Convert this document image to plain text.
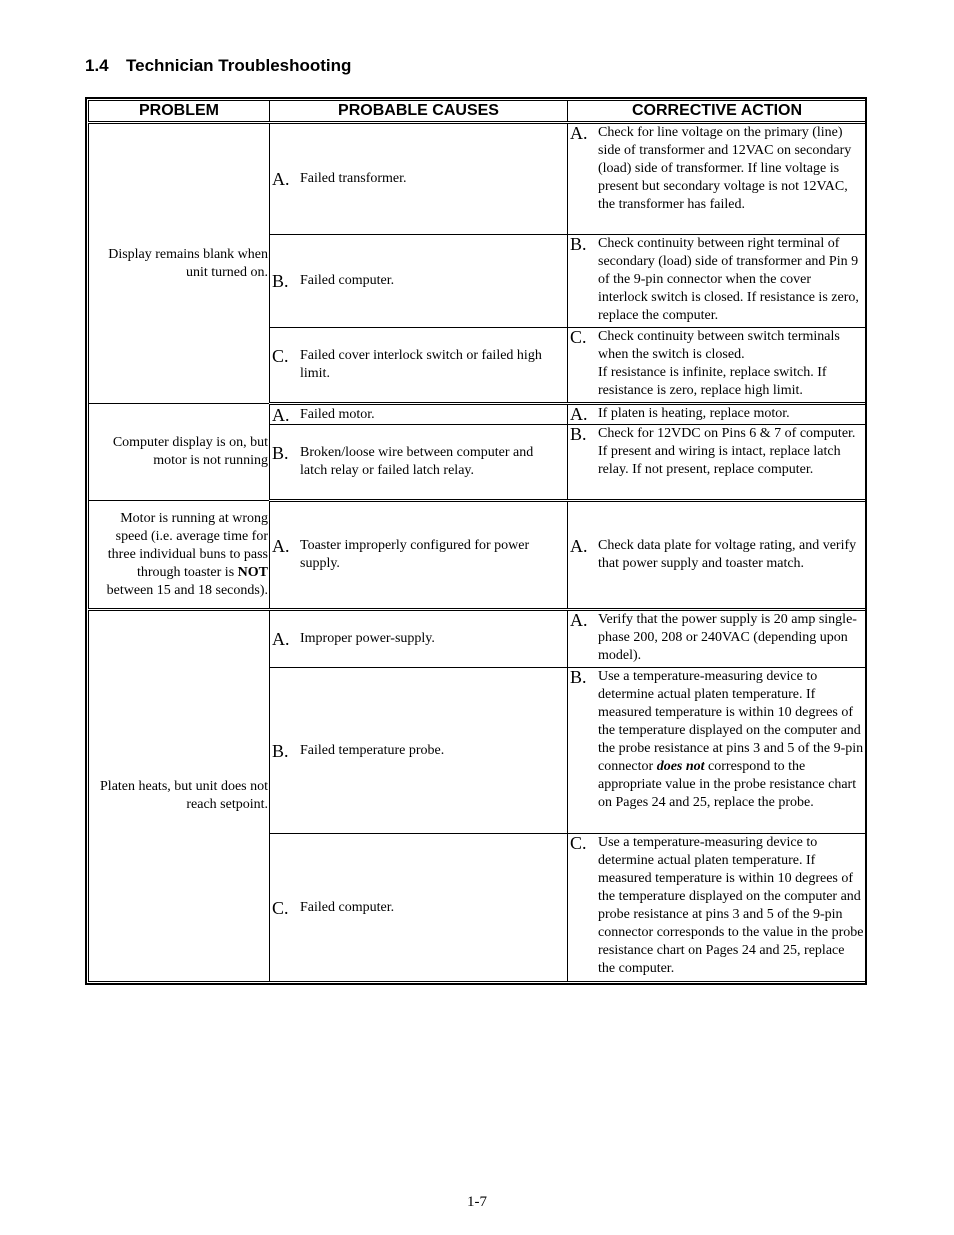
1.4 Technician Troubleshooting
PROBLEM	PROBABLE CAUSES	CORRECTIVE ACTION
Display remains blank when unit turned on.	A. Failed transformer.	A. Check for line voltage on the primary (line) side of transformer and 12VAC on secondary (load) side of transformer. If line voltage is present but secondary voltage is not 12VAC, the transformer has failed.

	B. Failed computer.	B. Check continuity between right terminal of secondary (load) side of transformer and Pin 9 of the 9-pin connector when the cover interlock switch is closed. If resistance is zero, replace the computer.

	C. Failed cover interlock switch or failed high limit.	C. Check continuity between switch terminals when the switch is closed.
If resistance is infinite, replace switch. If resistance is zero, replace high limit.

Computer display is on, but motor is not running	A. Failed motor.	A. If platen is heating, replace motor.

	B. Broken/loose wire between computer and latch relay or failed latch relay.	B. Check for 12VDC on Pins 6 & 7 of computer. If present and wiring is intact, replace latch relay. If not present, replace computer.

Motor is running at wrong speed (i.e. average time for three individual buns to pass through toaster is NOT between 15 and 18 seconds).	A. Toaster improperly configured for power supply.	A. Check data plate for voltage rating, and verify that power supply and toaster match.

Platen heats, but unit does not reach setpoint.	A. Improper power-supply.	A. Verify that the power supply is 20 amp single-phase 200, 208 or 240VAC (depending upon model).

	B. Failed temperature probe.	B. Use a temperature-measuring device to determine actual platen temperature. If measured temperature is within 10 degrees of the temperature displayed on the computer and the probe resistance at pins 3 and 5 of the 9-pin connector does not correspond to the appropriate value in the probe resistance chart on Pages 24 and 25, replace the probe.

	C. Failed computer.	C. Use a temperature-measuring device to determine actual platen temperature. If measured temperature is within 10 degrees of the temperature displayed on the computer and probe resistance at pins 3 and 5 of the 9-pin connector corresponds to the value in the probe resistance chart on Pages 24 and 25, replace the computer.
1-7
